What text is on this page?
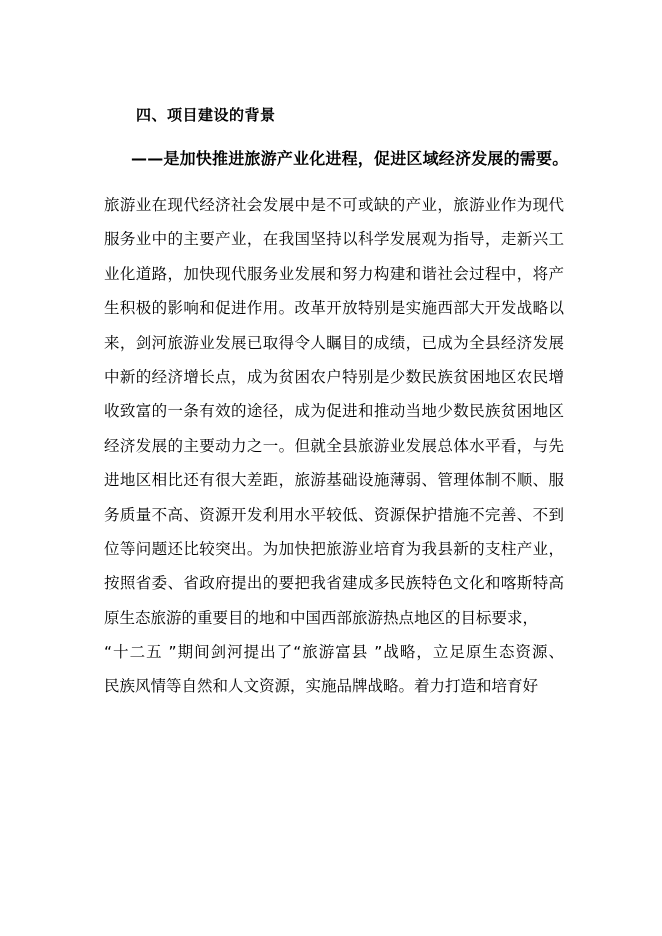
四、项目建设的背景
——是加快推进旅游产业化进程，促进区域经济发展的需要。
旅游业在现代经济社会发展中是不可或缺的产业，旅游业作为现代
服务业中的主要产业，在我国坚持以科学发展观为指导，走新兴工
业化道路，加快现代服务业发展和努力构建和谐社会过程中，将产
生积极的影响和促进作用。改革开放特别是实施西部大开发战略以
来，剑河旅游业发展已取得令人瞩目的成绩，已成为全县经济发展
中新的经济增长点，成为贫困农户特别是少数民族贫困地区农民增
收致富的一条有效的途径，成为促进和推动当地少数民族贫困地区
经济发展的主要动力之一。但就全县旅游业发展总体水平看，与先
进地区相比还有很大差距，旅游基础设施薄弱、管理体制不顺、服
务质量不高、资源开发利用水平较低、资源保护措施不完善、不到
位等问题还比较突出。为加快把旅游业培育为我县新的支柱产业，
按照省委、省政府提出的要把我省建成多民族特色文化和喀斯特高
原生态旅游的重要目的地和中国西部旅游热点地区的目标要求，
“十二五 ”期间剑河提出了“旅游富县 ”战略，立足原生态资源、
民族风情等自然和人文资源，实施品牌战略。着力打造和培育好
